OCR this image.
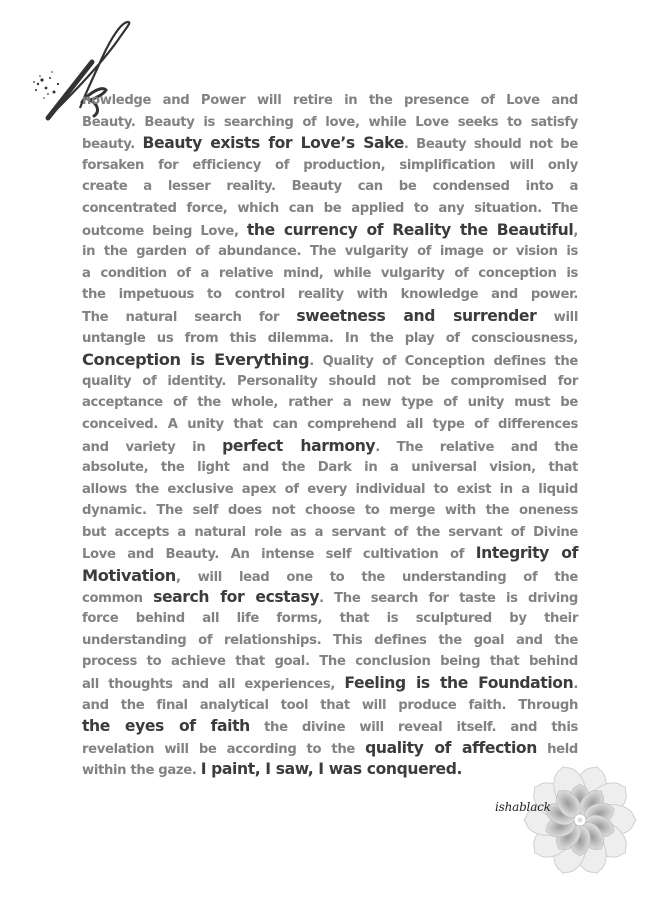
K
nowledge and Power will retire in the presence of Love and
Beauty. Beauty is searching of love, while Love seeks to satisfy
beauty. Beauty exists for Love’s Sake. Beauty should not be
forsaken for efficiency of production, simplification will only
create a lesser reality. Beauty can be condensed into a
concentrated force, which can be applied to any situation. The
outcome being Love, the currency of Reality the Beautiful,
in the garden of abundance. The vulgarity of image or vision is
a condition of a relative mind, while vulgarity of conception is
the impetuous to control reality with knowledge and power.
The natural search for sweetness and surrender will
untangle us from this dilemma. In the play of consciousness,
Conception is Everything. Quality of Conception defines the
quality of identity. Personality should not be compromised for
acceptance of the whole, rather a new type of unity must be
conceived. A unity that can comprehend all type of differences
and variety in perfect harmony. The relative and the
absolute, the light and the Dark in a universal vision, that
allows the exclusive apex of every individual to exist in a liquid
dynamic. The self does not choose to merge with the oneness
but accepts a natural role as a servant of the servant of Divine
Love and Beauty. An intense self cultivation of Integrity of
Motivation, will lead one to the understanding of the
common search for ecstasy. The search for taste is driving
force behind all life forms, that is sculptured by their
understanding of relationships. This defines the goal and the
process to achieve that goal. The conclusion being that behind
all thoughts and all experiences, Feeling is the Foundation.
and the final analytical tool that will produce faith. Through
the eyes of faith the divine will reveal itself. and this
revelation will be according to the quality of affection held
within the gaze. I paint, I saw, I was conquered.
ishablack
